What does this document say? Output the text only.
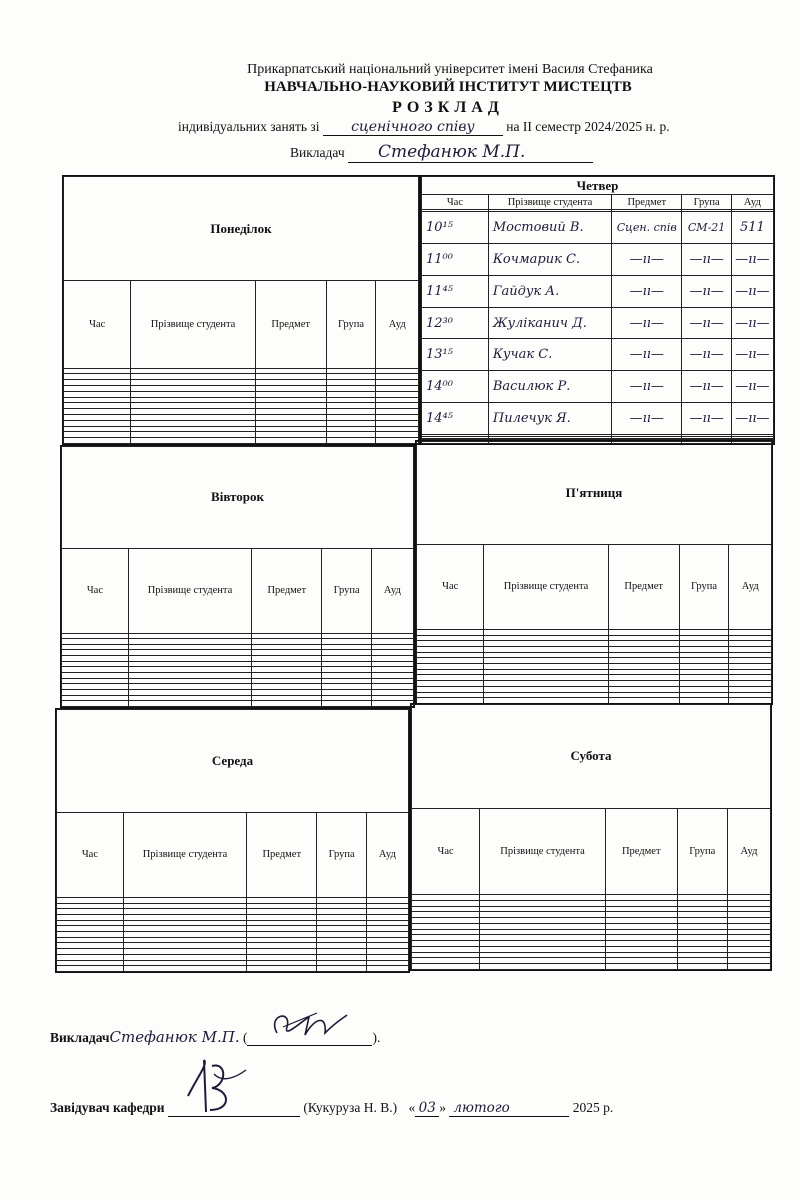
Прикарпатський національний університет імені Василя Стефаника
НАВЧАЛЬНО-НАУКОВИЙ ІНСТИТУТ МИСТЕЦТВ
РОЗКЛАД
індивідуальних занять зі сценічного співу на II семестр 2024/2025 н. р.
Викладач Стефанюк М.П.
Понеділок				
Час	Прізвище студента	Предмет	Група	Ауд

Четвер				
Час	Прізвище студента	Предмет	Група	Ауд

10¹⁵	Мостовий В.	Сцен. спів	СМ-21	511
11⁰⁰	Кочмарик С.	—ıı—	—ıı—	—ıı—
11⁴⁵	Гайдук А.	—ıı—	—ıı—	—ıı—
12³⁰	Жуліканич Д.	—ıı—	—ıı—	—ıı—
13¹⁵	Кучак С.	—ıı—	—ıı—	—ıı—
14⁰⁰	Василюк Р.	—ıı—	—ıı—	—ıı—
14⁴⁵	Пилечук Я.	—ıı—	—ıı—	—ıı—

Вівторок				
Час	Прізвище студента	Предмет	Група	Ауд

П'ятниця				
Час	Прізвище студента	Предмет	Група	Ауд

Середа				
Час	Прізвище студента	Предмет	Група	Ауд

Субота				
Час	Прізвище студента	Предмет	Група	Ауд

ВикладачСтефанюк М.П. (	).
Завідувач кафедри	(Кукуруза Н. В.) « 03 » лютого	2025 р.
